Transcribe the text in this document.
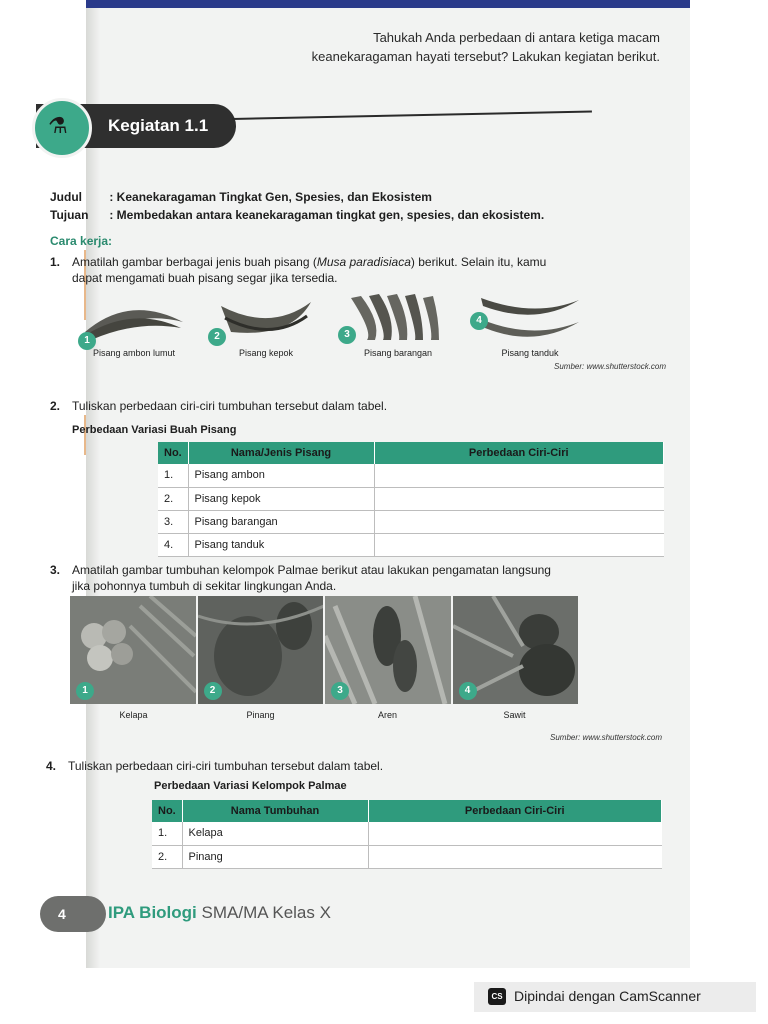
Tahukah Anda perbedaan di antara ketiga macam
keanekaragaman hayati tersebut? Lakukan kegiatan berikut.
⚗ Kegiatan 1.1
Judul : Keanekaragaman Tingkat Gen, Spesies, dan Ekosistem
Tujuan : Membedakan antara keanekaragaman tingkat gen, spesies, dan ekosistem.
Cara kerja:
1. Amatilah gambar berbagai jenis buah pisang (Musa paradisiaca) berikut. Selain itu, kamu
dapat mengamati buah pisang segar jika tersedia.
1
Pisang ambon lumut
2
Pisang kepok
3
Pisang barangan
4
Pisang tanduk
Sumber: www.shutterstock.com
2. Tuliskan perbedaan ciri-ciri tumbuhan tersebut dalam tabel.
Perbedaan Variasi Buah Pisang
No.	Nama/Jenis Pisang	Perbedaan Ciri-Ciri
1.	Pisang ambon	
2.	Pisang kepok	
3.	Pisang barangan	
4.	Pisang tanduk	
3. Amatilah gambar tumbuhan kelompok Palmae berikut atau lakukan pengamatan langsung
jika pohonnya tumbuh di sekitar lingkungan Anda.
1	2	3	4
Kelapa	Pinang	Aren	Sawit
Sumber: www.shutterstock.com
4. Tuliskan perbedaan ciri-ciri tumbuhan tersebut dalam tabel.
Perbedaan Variasi Kelompok Palmae
No.	Nama Tumbuhan	Perbedaan Ciri-Ciri
1.	Kelapa	
2.	Pinang	
4 IPA Biologi SMA/MA Kelas X
CS Dipindai dengan CamScanner
